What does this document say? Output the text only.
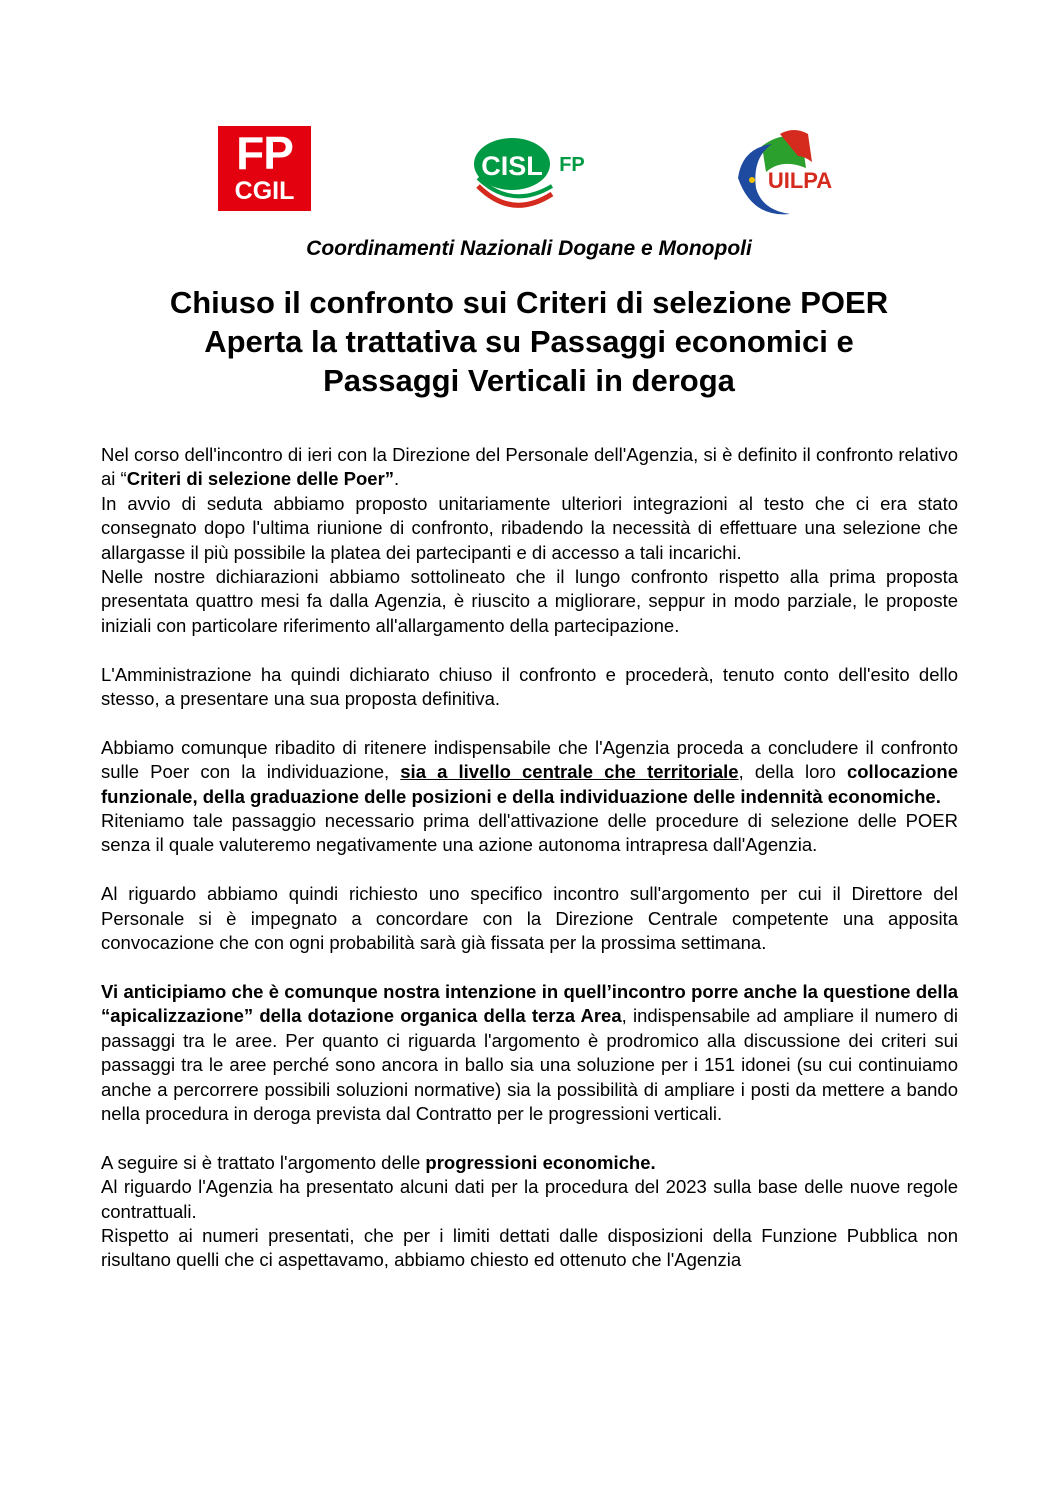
FP
CGIL
CISL FP
UILPA
Coordinamenti Nazionali Dogane e Monopoli
Chiuso il confronto sui Criteri di selezione POER
Aperta la trattativa su Passaggi economici e
Passaggi Verticali in deroga

Nel corso dell'incontro di ieri con la Direzione del Personale dell'Agenzia, si è definito il confronto relativo ai “Criteri di selezione delle Poer”.

In avvio di seduta abbiamo proposto unitariamente ulteriori integrazioni al testo che ci era stato consegnato dopo l'ultima riunione di confronto, ribadendo la necessità di effettuare una selezione che allargasse il più possibile la platea dei partecipanti e di accesso a tali incarichi.

Nelle nostre dichiarazioni abbiamo sottolineato che il lungo confronto rispetto alla prima proposta presentata quattro mesi fa dalla Agenzia, è riuscito a migliorare, seppur in modo parziale, le proposte iniziali con particolare riferimento all'allargamento della partecipazione.

L'Amministrazione ha quindi dichiarato chiuso il confronto e procederà, tenuto conto dell'esito dello stesso, a presentare una sua proposta definitiva.

Abbiamo comunque ribadito di ritenere indispensabile che l'Agenzia proceda a concludere il confronto sulle Poer con la individuazione, sia a livello centrale che territoriale, della loro collocazione funzionale, della graduazione delle posizioni e della individuazione delle indennità economiche.

Riteniamo tale passaggio necessario prima dell'attivazione delle procedure di selezione delle POER senza il quale valuteremo negativamente una azione autonoma intrapresa dall'Agenzia.

Al riguardo abbiamo quindi richiesto uno specifico incontro sull'argomento per cui il Direttore del Personale si è impegnato a concordare con la Direzione Centrale competente una apposita convocazione che con ogni probabilità sarà già fissata per la prossima settimana.

Vi anticipiamo che è comunque nostra intenzione in quell’incontro porre anche la questione della “apicalizzazione” della dotazione organica della terza Area, indispensabile ad ampliare il numero di passaggi tra le aree. Per quanto ci riguarda l'argomento è prodromico alla discussione dei criteri sui passaggi tra le aree perché sono ancora in ballo sia una soluzione per i 151 idonei (su cui continuiamo anche a percorrere possibili soluzioni normative) sia la possibilità di ampliare i posti da mettere a bando nella procedura in deroga prevista dal Contratto per le progressioni verticali.

A seguire si è trattato l'argomento delle progressioni economiche.

Al riguardo l'Agenzia ha presentato alcuni dati per la procedura del 2023 sulla base delle nuove regole contrattuali.

Rispetto ai numeri presentati, che per i limiti dettati dalle disposizioni della Funzione Pubblica non risultano quelli che ci aspettavamo, abbiamo chiesto ed ottenuto che l'Agenzia
